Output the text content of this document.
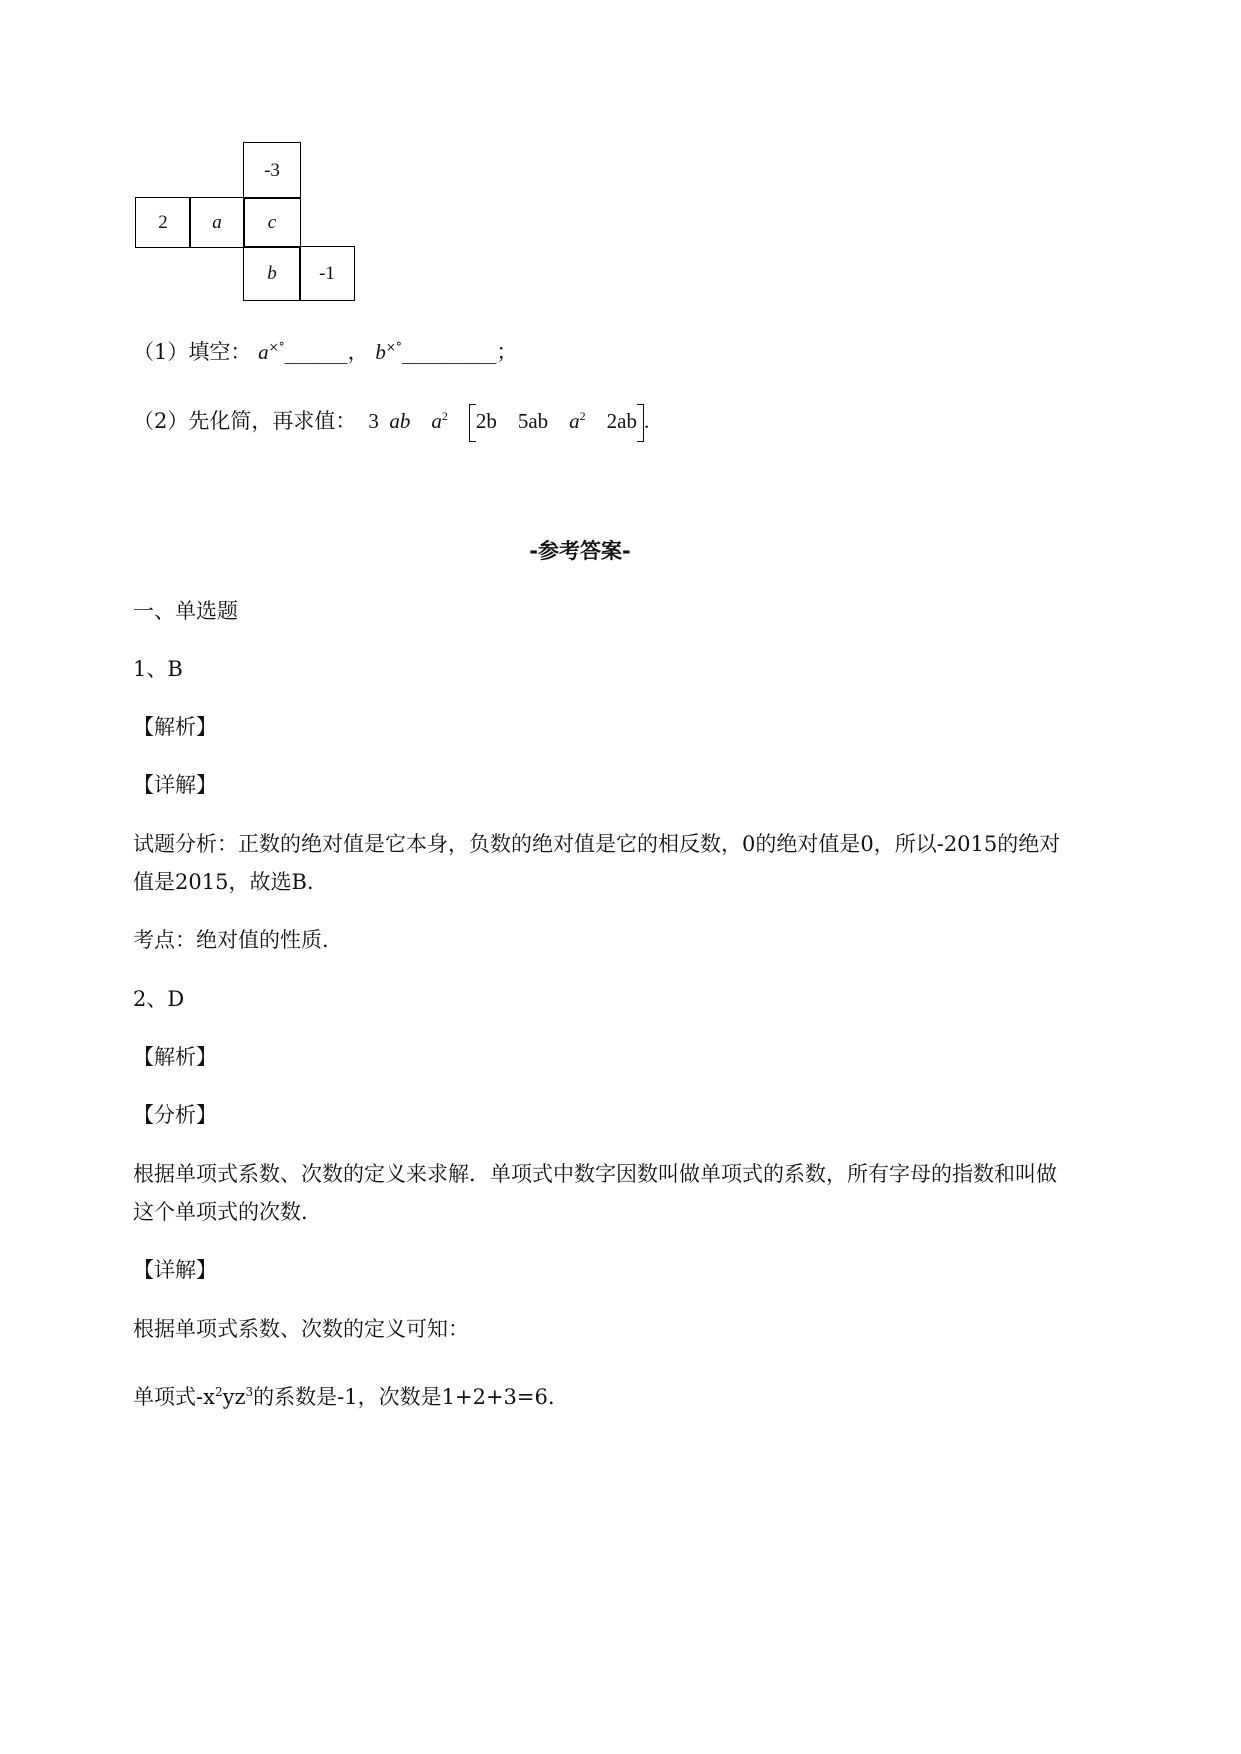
-3
2 a c
b -1
（1）填空： a×°______， b×°_________；
（2）先化简，再求值： 3 ab $a^2$ 2b 5ab $a^2$ 2ab .
-参考答案-
一、单选题
1、B
【解析】
【详解】
试题分析：正数的绝对值是它本身，负数的绝对值是它的相反数，0的绝对值是0，所以-2015的绝对
值是2015，故选B.
考点：绝对值的性质.
2、D
【解析】
【分析】
根据单项式系数、次数的定义来求解．单项式中数字因数叫做单项式的系数，所有字母的指数和叫做
这个单项式的次数.
【详解】
根据单项式系数、次数的定义可知：
单项式$-x^2yz^3$的系数是-1，次数是1+2+3=6.
